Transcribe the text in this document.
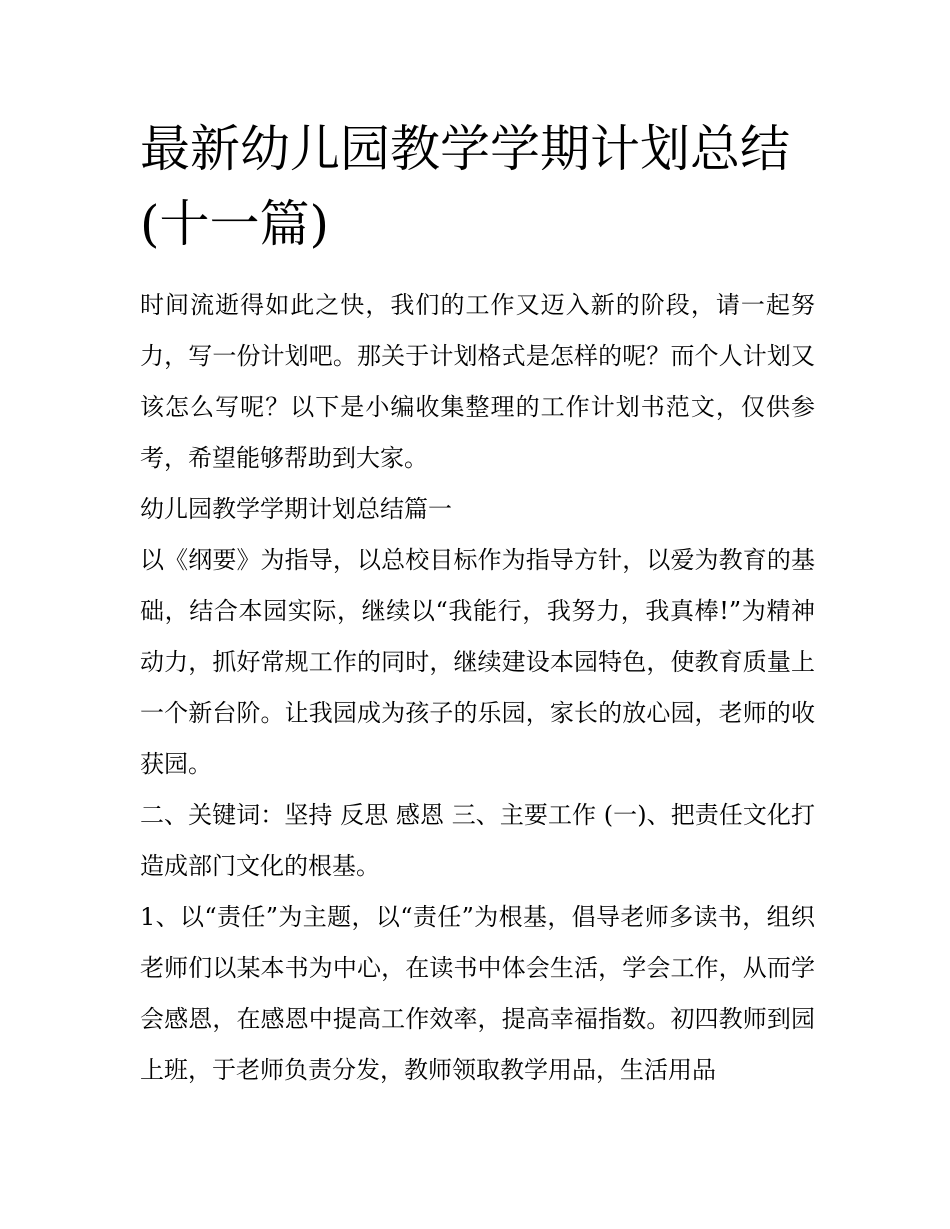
最新幼儿园教学学期计划总结(十一篇)

时间流逝得如此之快，我们的工作又迈入新的阶段，请一起努力，写一份计划吧。那关于计划格式是怎样的呢？而个人计划又该怎么写呢？以下是小编收集整理的工作计划书范文，仅供参考，希望能够帮助到大家。

幼儿园教学学期计划总结篇一

以《纲要》为指导，以总校目标作为指导方针，以爱为教育的基础，结合本园实际，继续以“我能行，我努力，我真棒!”为精神动力，抓好常规工作的同时，继续建设本园特色，使教育质量上一个新台阶。让我园成为孩子的乐园，家长的放心园，老师的收获园。

二、关键词：坚持 反思 感恩 三、主要工作 (一)、把责任文化打造成部门文化的根基。

1、以“责任”为主题，以“责任”为根基，倡导老师多读书，组织老师们以某本书为中心，在读书中体会生活，学会工作，从而学会感恩，在感恩中提高工作效率，提高幸福指数。初四教师到园上班，于老师负责分发，教师领取教学用品，生活用品
